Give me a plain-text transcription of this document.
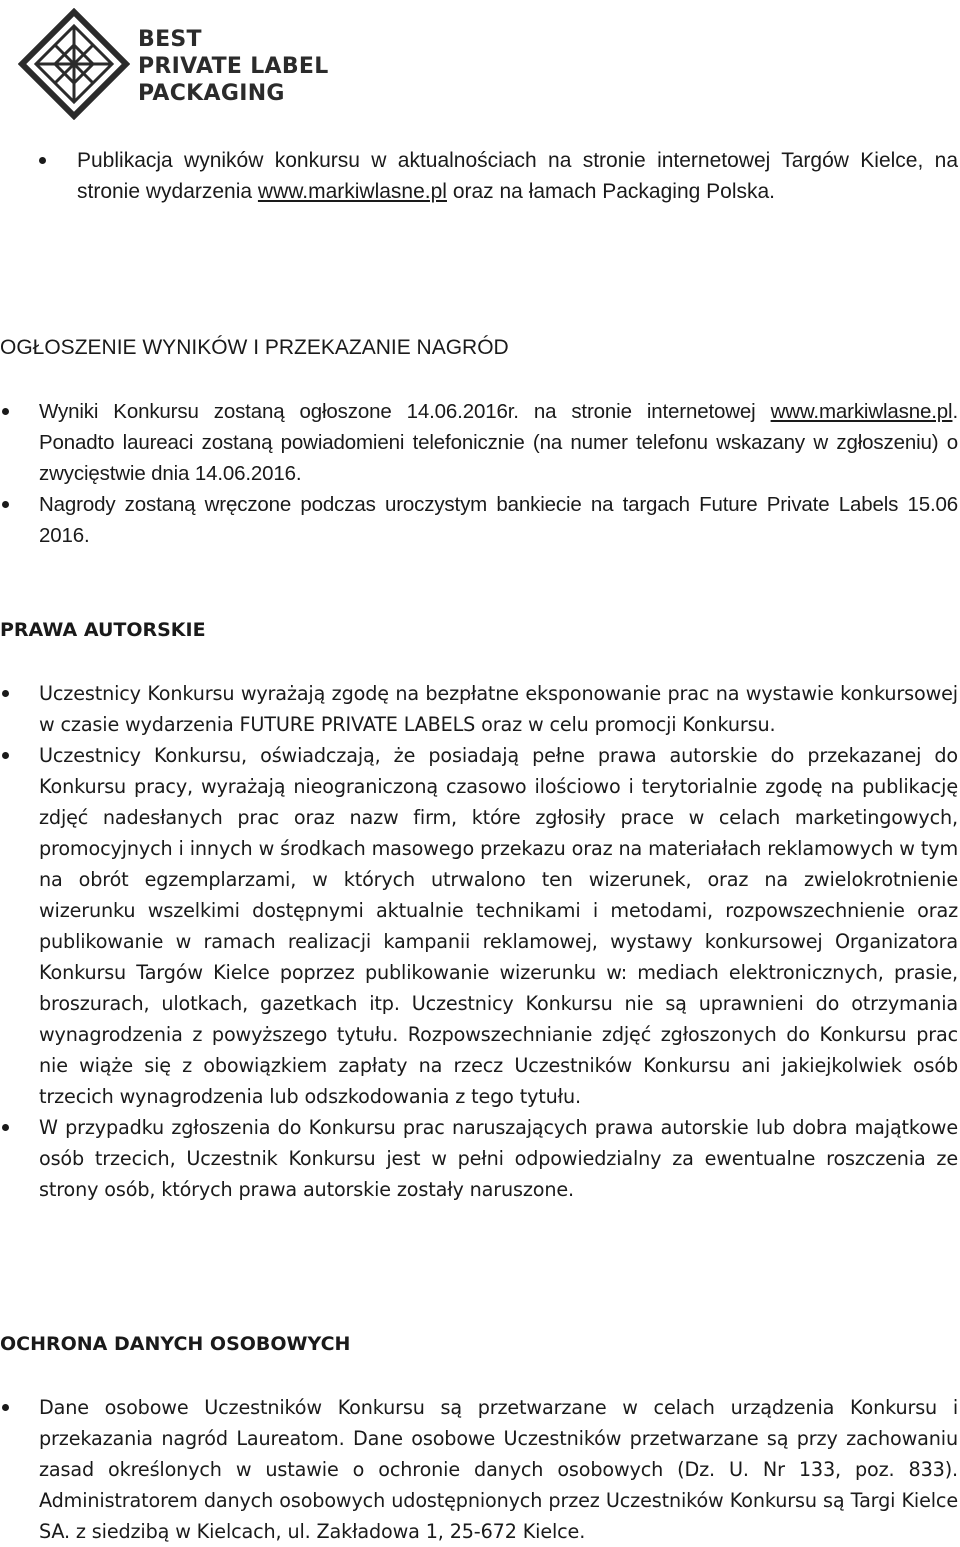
BEST
PRIVATE LABEL
PACKAGING
Publikacja wyników konkursu w aktualnościach na stronie internetowej Targów Kielce, na stronie wydarzenia www.markiwlasne.pl oraz na łamach Packaging Polska.
OGŁOSZENIE WYNIKÓW I PRZEKAZANIE NAGRÓD
Wyniki Konkursu zostaną ogłoszone 14.06.2016r. na stronie internetowej www.markiwlasne.pl. Ponadto laureaci zostaną powiadomieni telefonicznie (na numer telefonu wskazany w zgłoszeniu) o zwycięstwie dnia 14.06.2016.
Nagrody zostaną wręczone podczas uroczystym bankiecie na targach Future Private Labels 15.06 2016.
PRAWA AUTORSKIE
Uczestnicy Konkursu wyrażają zgodę na bezpłatne eksponowanie prac na wystawie konkursowej w czasie wydarzenia FUTURE PRIVATE LABELS oraz w celu promocji Konkursu.
Uczestnicy Konkursu, oświadczają, że posiadają pełne prawa autorskie do przekazanej do Konkursu pracy, wyrażają nieograniczoną czasowo ilościowo i terytorialnie zgodę na publikację zdjęć nadesłanych prac oraz nazw firm, które zgłosiły prace w celach marketingowych, promocyjnych i innych w środkach masowego przekazu oraz na materiałach reklamowych w tym na obrót egzemplarzami, w których utrwalono ten wizerunek, oraz na zwielokrotnienie wizerunku wszelkimi dostępnymi aktualnie technikami i metodami, rozpowszechnienie oraz publikowanie w ramach realizacji kampanii reklamowej, wystawy konkursowej Organizatora Konkursu Targów Kielce poprzez publikowanie wizerunku w: mediach elektronicznych, prasie, broszurach, ulotkach, gazetkach itp. Uczestnicy Konkursu nie są uprawnieni do otrzymania wynagrodzenia z powyższego tytułu. Rozpowszechnianie zdjęć zgłoszonych do Konkursu prac nie wiąże się z obowiązkiem zapłaty na rzecz Uczestników Konkursu ani jakiejkolwiek osób trzecich wynagrodzenia lub odszkodowania z tego tytułu.
W przypadku zgłoszenia do Konkursu prac naruszających prawa autorskie lub dobra majątkowe osób trzecich, Uczestnik Konkursu jest w pełni odpowiedzialny za ewentualne roszczenia ze strony osób, których prawa autorskie zostały naruszone.
OCHRONA DANYCH OSOBOWYCH
Dane osobowe Uczestników Konkursu są przetwarzane w celach urządzenia Konkursu i przekazania nagród Laureatom. Dane osobowe Uczestników przetwarzane są przy zachowaniu zasad określonych w ustawie o ochronie danych osobowych (Dz. U. Nr 133, poz. 833). Administratorem danych osobowych udostępnionych przez Uczestników Konkursu są Targi Kielce SA. z siedzibą w Kielcach, ul. Zakładowa 1, 25-672 Kielce.
